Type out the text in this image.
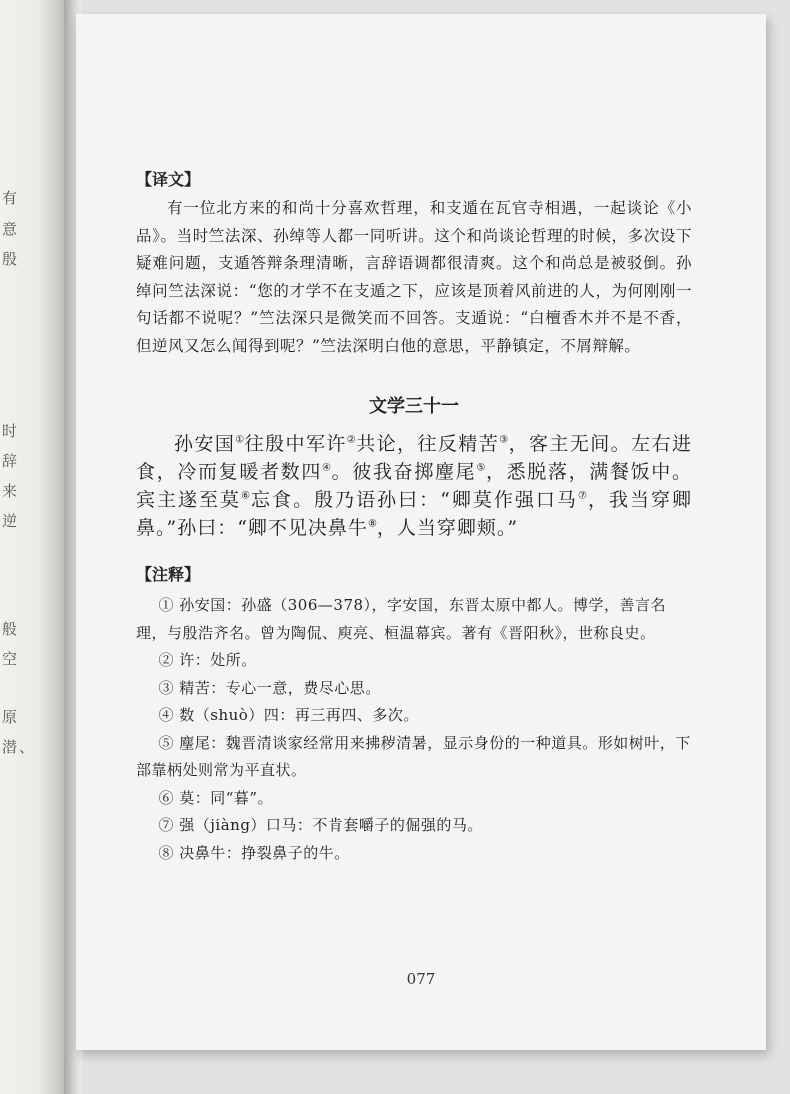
有
意
殷
时
辞
来
逆
般
空
原
潜、
【译文】

有一位北方来的和尚十分喜欢哲理，和支遁在瓦官寺相遇，一起谈论《小品》。当时竺法深、孙绰等人都一同听讲。这个和尚谈论哲理的时候，多次设下疑难问题，支遁答辩条理清晰，言辞语调都很清爽。这个和尚总是被驳倒。孙绰问竺法深说：“您的才学不在支遁之下，应该是顶着风前进的人，为何刚刚一句话都不说呢？”竺法深只是微笑而不回答。支遁说：“白檀香木并不是不香，但逆风又怎么闻得到呢？”竺法深明白他的意思，平静镇定，不屑辩解。

文学三十一

孙安国①往殷中军许②共论，往反精苦③，客主无间。左右进食，冷而复暖者数四④。彼我奋掷麈尾⑤，悉脱落，满餐饭中。宾主遂至莫⑥忘食。殷乃语孙曰：“卿莫作强口马⑦，我当穿卿鼻。”孙曰：“卿不见决鼻牛⑧，人当穿卿颊。”

【注释】
① 孙安国：孙盛（306—378），字安国，东晋太原中都人。博学，善言名理，与殷浩齐名。曾为陶侃、庾亮、桓温幕宾。著有《晋阳秋》，世称良史。
② 许：处所。
③ 精苦：专心一意，费尽心思。
④ 数（shuò）四：再三再四、多次。
⑤ 麈尾：魏晋清谈家经常用来拂秽清暑，显示身份的一种道具。形如树叶，下部靠柄处则常为平直状。
⑥ 莫：同“暮”。
⑦ 强（jiàng）口马：不肯套嚼子的倔强的马。
⑧ 决鼻牛：挣裂鼻子的牛。
077
